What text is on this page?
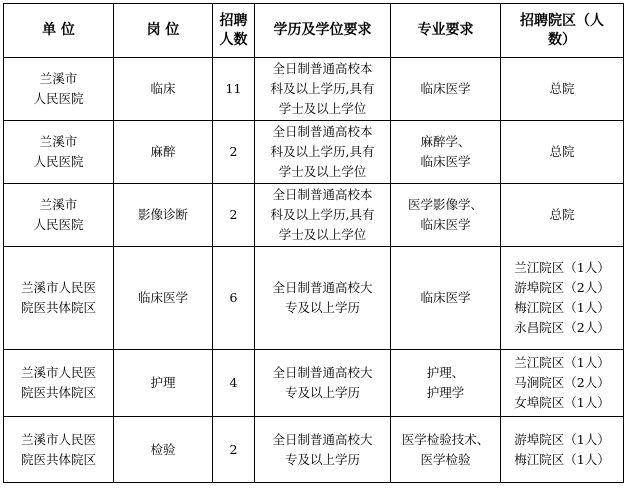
单 位	岗 位	招聘
人数	学历及学位要求	专业要求	招聘院区（人
数）
兰溪市
人民医院	临床	11	全日制普通高校本
科及以上学历,具有
学士及以上学位	临床医学	总院

兰溪市
人民医院	麻醉	2	全日制普通高校本
科及以上学历,具有
学士及以上学位	麻醉学、
临床医学	总院

兰溪市
人民医院	影像诊断	2	全日制普通高校本
科及以上学历,具有
学士及以上学位	医学影像学、
临床医学	总院

兰溪市人民医
院医共体院区	临床医学	6	全日制普通高校大
专及以上学历	临床医学	兰江院区（1人）
游埠院区（2人）
梅江院区（1人）
永昌院区（2人）

兰溪市人民医
院医共体院区	护理	4	全日制普通高校大
专及以上学历	护理、
护理学	兰江院区（1人）
马涧院区（2人）
女埠院区（1人）

兰溪市人民医
院医共体院区	检验	2	全日制普通高校大
专及以上学历	医学检验技术、
医学检验	游埠院区（1人）
梅江院区（1人）
